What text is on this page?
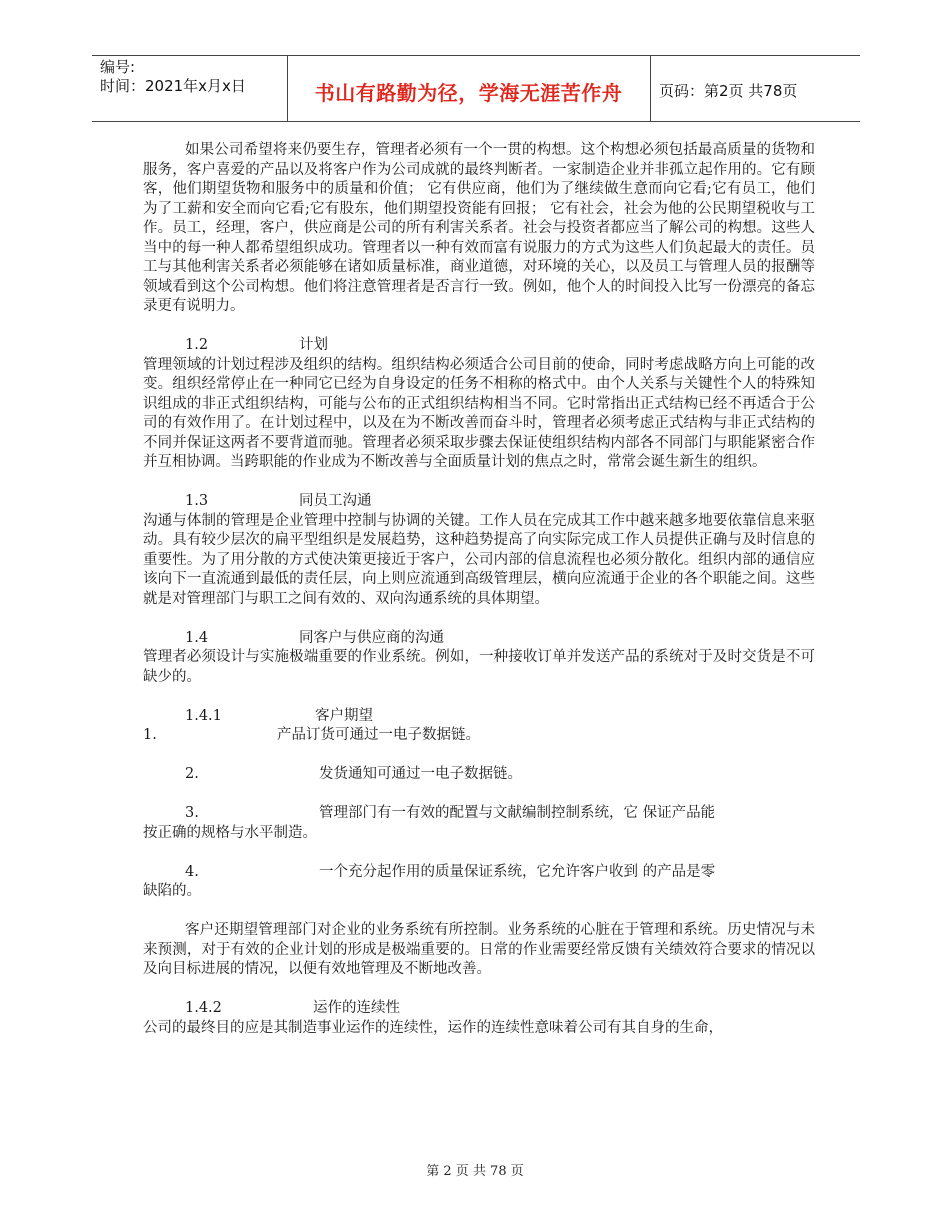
编号:
时间：2021年x月x日	书山有路勤为径，学海无涯苦作舟	页码：第2页 共78页

如果公司希望将来仍要生存，管理者必须有一个一贯的构想。这个构想必须包括最高质量的货物和服务，客户喜爱的产品以及将客户作为公司成就的最终判断者。一家制造企业并非孤立起作用的。它有顾客，他们期望货物和服务中的质量和价值； 它有供应商，他们为了继续做生意而向它看;它有员工，他们为了工薪和安全而向它看;它有股东，他们期望投资能有回报； 它有社会，社会为他的公民期望税收与工作。员工，经理，客户，供应商是公司的所有利害关系者。社会与投资者都应当了解公司的构想。这些人当中的每一种人都希望组织成功。管理者以一种有效而富有说服力的方式为这些人们负起最大的责任。员工与其他利害关系者必须能够在诸如质量标准，商业道德，对环境的关心，以及员工与管理人员的报酬等领域看到这个公司构想。他们将注意管理者是否言行一致。例如，他个人的时间投入比写一份漂亮的备忘录更有说明力。

1.2	计划

管理领域的计划过程涉及组织的结构。组织结构必须适合公司目前的使命，同时考虑战略方向上可能的改变。组织经常停止在一种同它已经为自身设定的任务不相称的格式中。由个人关系与关键性个人的特殊知识组成的非正式组织结构，可能与公布的正式组织结构相当不同。它时常指出正式结构已经不再适合于公司的有效作用了。在计划过程中，以及在为不断改善而奋斗时，管理者必须考虑正式结构与非正式结构的不同并保证这两者不要背道而驰。管理者必须采取步骤去保证使组织结构内部各不同部门与职能紧密合作并互相协调。当跨职能的作业成为不断改善与全面质量计划的焦点之时，常常会诞生新生的组织。

1.3	同员工沟通

沟通与体制的管理是企业管理中控制与协调的关键。工作人员在完成其工作中越来越多地要依靠信息来驱动。具有较少层次的扁平型组织是发展趋势，这种趋势提高了向实际完成工作人员提供正确与及时信息的重要性。为了用分散的方式使决策更接近于客户，公司内部的信息流程也必须分散化。组织内部的通信应该向下一直流通到最低的责任层，向上则应流通到高级管理层，横向应流通于企业的各个职能之间。这些就是对管理部门与职工之间有效的、双向沟通系统的具体期望。

1.4	同客户与供应商的沟通

管理者必须设计与实施极端重要的作业系统。例如，一种接收订单并发送产品的系统对于及时交货是不可缺少的。

1.4.1	客户期望
1.	产品订货可通过一电子数据链。
2.	发货通知可通过一电子数据链。
3.	管理部门有一有效的配置与文献编制控制系统，它 保证产品能

按正确的规格与水平制造。

4.	一个充分起作用的质量保证系统，它允许客户收到 的产品是零

缺陷的。

客户还期望管理部门对企业的业务系统有所控制。业务系统的心脏在于管理和系统。历史情况与未来预测，对于有效的企业计划的形成是极端重要的。日常的作业需要经常反馈有关绩效符合要求的情况以及向目标进展的情况，以便有效地管理及不断地改善。

1.4.2	运作的连续性

公司的最终目的应是其制造事业运作的连续性，运作的连续性意味着公司有其自身的生命，

第 2 页 共 78 页
